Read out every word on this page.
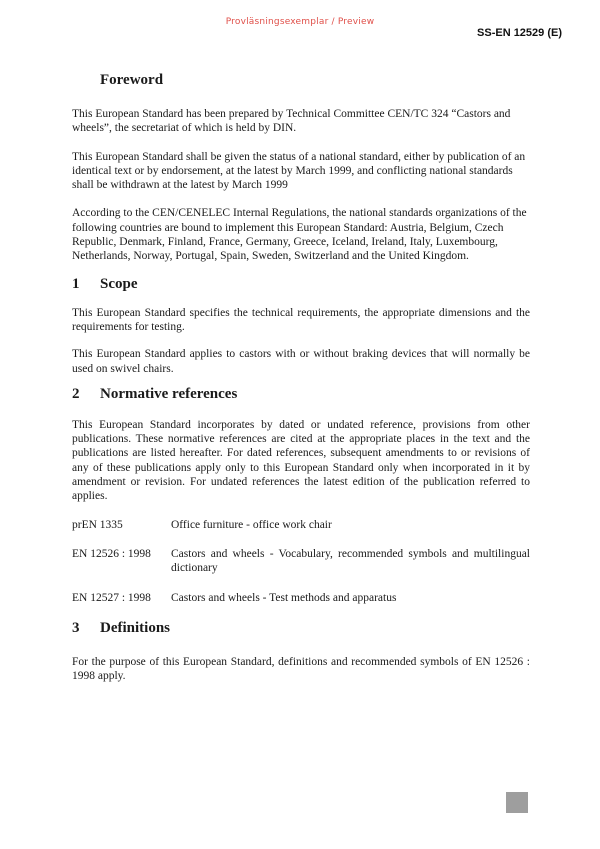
Provläsningsexemplar / Preview
SS-EN 12529 (E)
Foreword

This European Standard has been prepared by Technical Committee CEN/TC 324 “Castors and wheels”, the secretariat of which is held by DIN.

This European Standard shall be given the status of a national standard, either by publication of an identical text or by endorsement, at the latest by March 1999, and conflicting national standards shall be withdrawn at the latest by March 1999

According to the CEN/CENELEC Internal Regulations, the national standards organizations of the following countries are bound to implement this European Standard: Austria, Belgium, Czech Republic, Denmark, Finland, France, Germany, Greece, Iceland, Ireland, Italy, Luxembourg, Netherlands, Norway, Portugal, Spain, Sweden, Switzerland and the United Kingdom.

1	Scope

This European Standard specifies the technical requirements, the appropriate dimensions and the requirements for testing.

This European Standard applies to castors with or without braking devices that will normally be used on swivel chairs.

2	Normative references

This European Standard incorporates by dated or undated reference, provisions from other publications. These normative references are cited at the appropriate places in the text and the publications are listed hereafter. For dated references, subsequent amendments to or revisions of any of these publications apply only to this European Standard only when incorporated in it by amendment or revision. For undated references the latest edition of the publication referred to applies.

prEN 1335	Office furniture - office work chair
EN 12526 : 1998	Castors and wheels - Vocabulary, recommended symbols and multilingual dictionary
EN 12527 : 1998	Castors and wheels - Test methods and apparatus
3	Definitions

For the purpose of this European Standard, definitions and recommended symbols of EN 12526 : 1998 apply.
